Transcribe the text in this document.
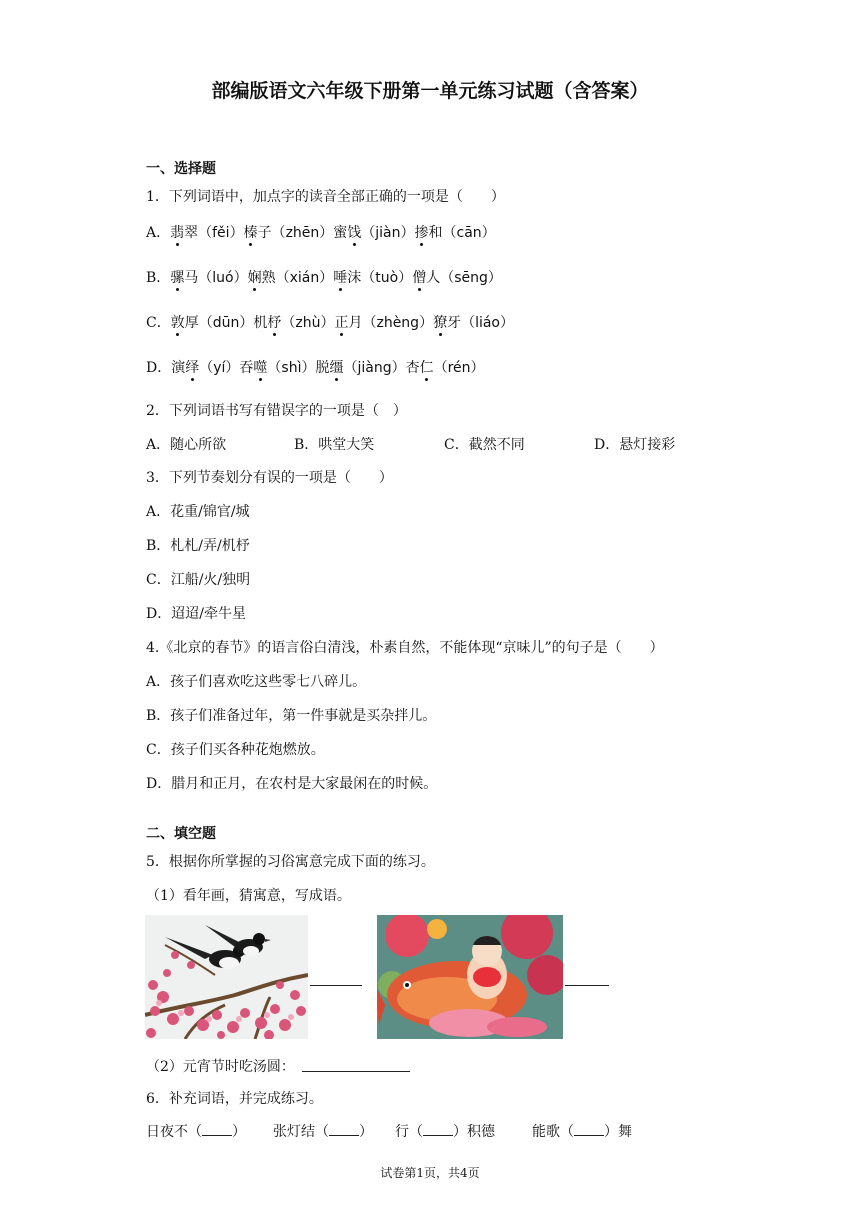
部编版语文六年级下册第一单元练习试题（含答案）
一、选择题
1．下列词语中，加点字的读音全部正确的一项是（　　）
A．翡翠（fěi）榛子（zhēn）蜜饯（jiàn）掺和（cān）
B．骡马（luó）娴熟（xián）唾沫（tuò）僧人（sēng）
C．敦厚（dūn）机杼（zhù）正月（zhèng）獠牙（liáo）
D．演绎（yí）吞噬（shì）脱缰（jiàng）杏仁（rén）
2．下列词语书写有错误字的一项是（　）
A．随心所欲	B．哄堂大笑	C．截然不同	D．悬灯接彩
3．下列节奏划分有误的一项是（　　）
A．花重/锦官/城
B．札札/弄/机杼
C．江船/火/独明
D．迢迢/牵牛星
4.《北京的春节》的语言俗白清浅，朴素自然，不能体现“京味儿”的句子是（　　）
A．孩子们喜欢吃这些零七八碎儿。
B．孩子们准备过年，第一件事就是买杂拌儿。
C．孩子们买各种花炮燃放。
D．腊月和正月，在农村是大家最闲在的时候。
二、填空题
5．根据你所掌握的习俗寓意完成下面的练习。
（1）看年画，猜寓意，写成语。
（2）元宵节时吃汤圆：
6．补充词语，并完成练习。
日夜不（ ） 张灯结（ ） 行（ ）积德	能歌（ ）舞
试卷第1页，共4页
